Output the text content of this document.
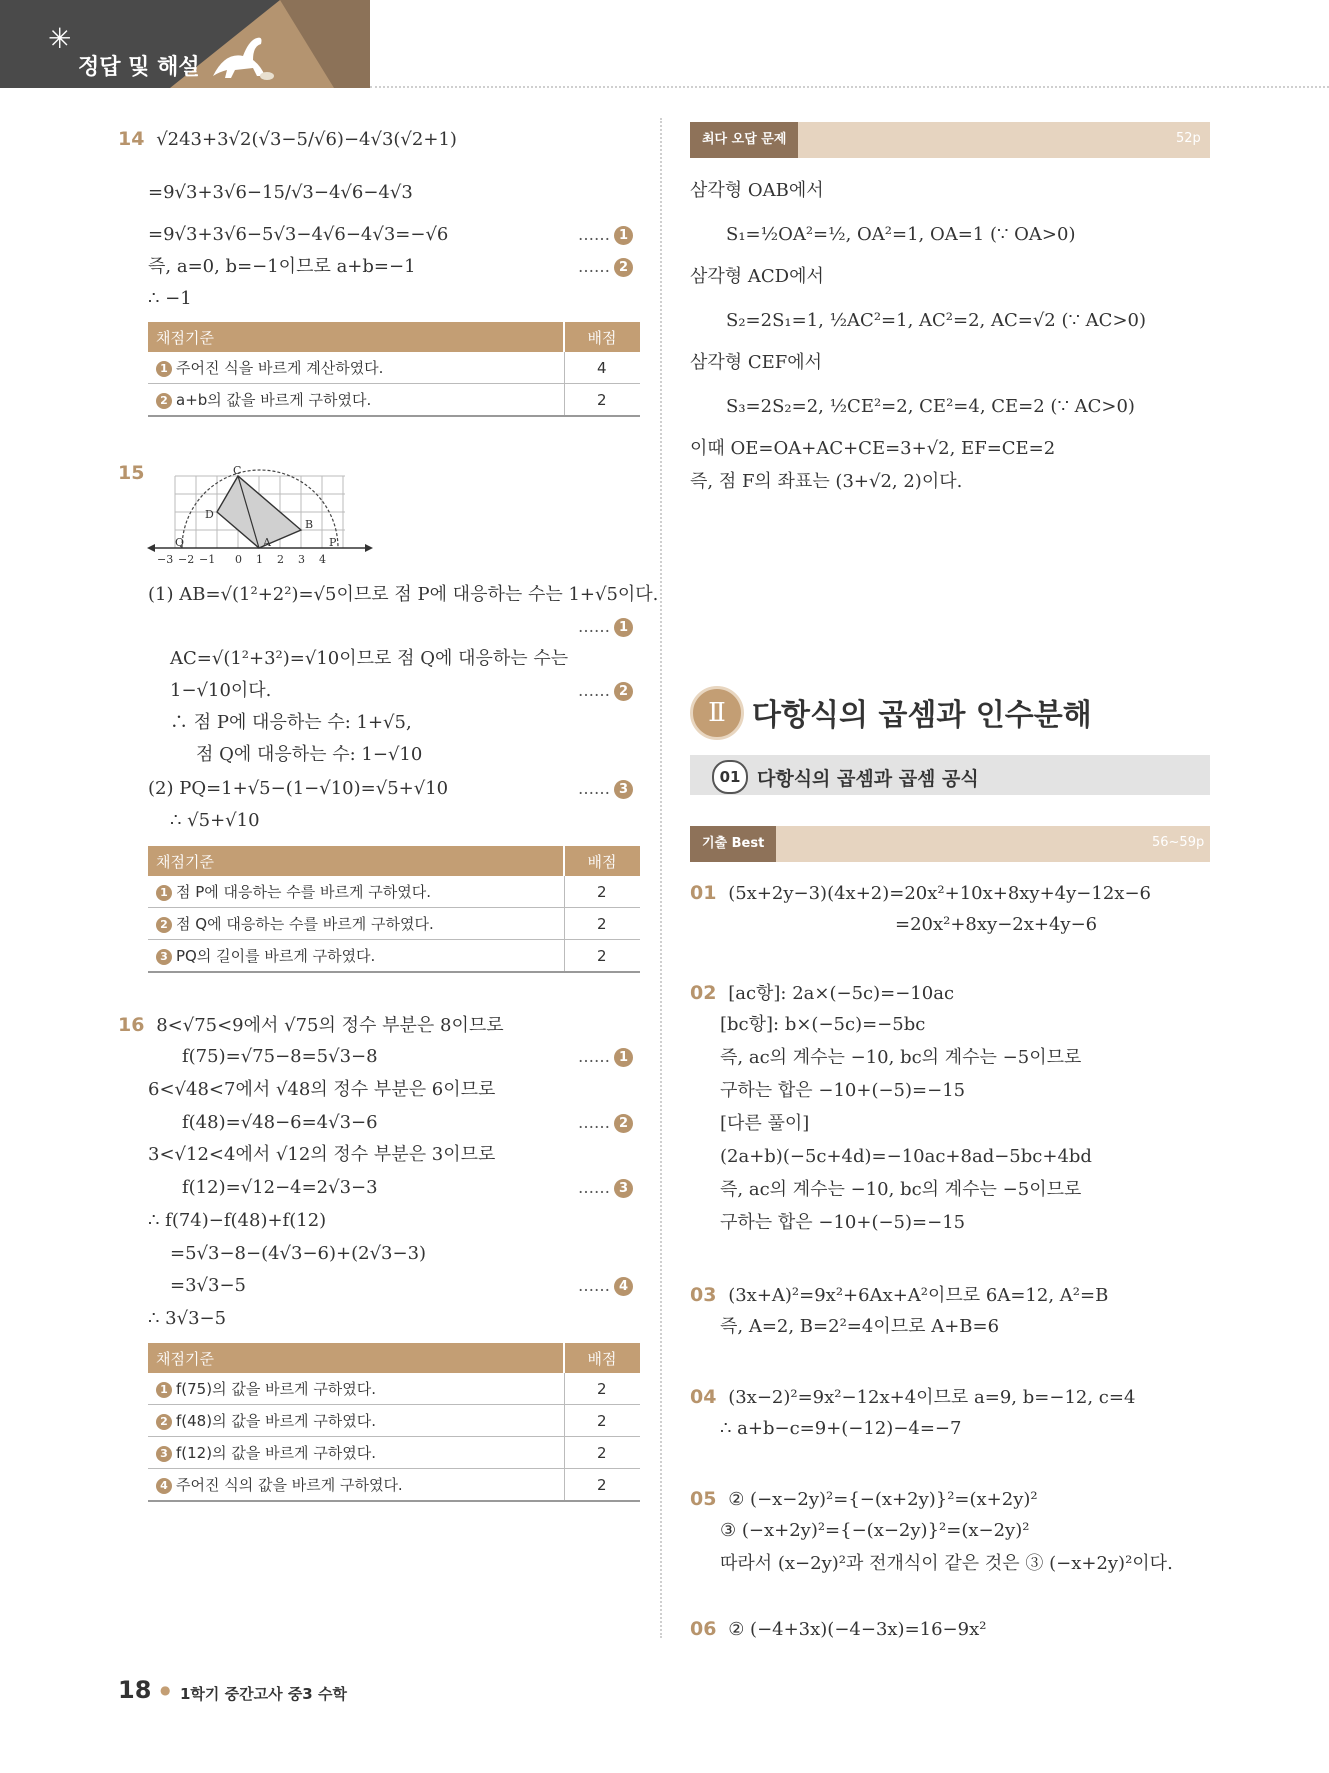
✳
정답 및 해설
14 √243+3√2(√3−5/√6)−4√3(√2+1)
=9√3+3√6−15/√3−4√6−4√3
=9√3+3√6−5√3−4√6−4√3=−√6	…… 1
즉, a=0, b=−1이므로 a+b=−1	…… 2
∴ −1
채점기준	배점
1 주어진 식을 바르게 계산하였다.	4
2 a+b의 값을 바르게 구하였다.	2
15	C
B
D
Q	A	P
−3 −2 −1 0 1 2 3 4
(1) AB=√(1²+2²)=√5이므로 점 P에 대응하는 수는 1+√5이다.
…… 1
AC=√(1²+3²)=√10이므로 점 Q에 대응하는 수는
1−√10이다.	…… 2
∴ 점 P에 대응하는 수: 1+√5,
점 Q에 대응하는 수: 1−√10
(2) PQ=1+√5−(1−√10)=√5+√10	…… 3
∴ √5+√10
채점기준	배점
1 점 P에 대응하는 수를 바르게 구하였다.	2
2 점 Q에 대응하는 수를 바르게 구하였다.	2
3 PQ의 길이를 바르게 구하였다.	2
16 8<√75<9에서 √75의 정수 부분은 8이므로
f(75)=√75−8=5√3−8	…… 1
6<√48<7에서 √48의 정수 부분은 6이므로
f(48)=√48−6=4√3−6	…… 2
3<√12<4에서 √12의 정수 부분은 3이므로
f(12)=√12−4=2√3−3	…… 3
∴ f(74)−f(48)+f(12)
=5√3−8−(4√3−6)+(2√3−3)
=3√3−5	…… 4
∴ 3√3−5
채점기준	배점
1 f(75)의 값을 바르게 구하였다.	2
2 f(48)의 값을 바르게 구하였다.	2
3 f(12)의 값을 바르게 구하였다.	2
4 주어진 식의 값을 바르게 구하였다.	2
최다 오답 문제	52p
삼각형 OAB에서
S₁=½OA²=½, OA²=1, OA=1 (∵ OA>0)
삼각형 ACD에서
S₂=2S₁=1, ½AC²=1, AC²=2, AC=√2 (∵ AC>0)
삼각형 CEF에서
S₃=2S₂=2, ½CE²=2, CE²=4, CE=2 (∵ AC>0)
이때 OE=OA+AC+CE=3+√2, EF=CE=2
즉, 점 F의 좌표는 (3+√2, 2)이다.
Ⅱ 다항식의 곱셈과 인수분해
01 다항식의 곱셈과 곱셈 공식
기출 Best	56~59p
01 (5x+2y−3)(4x+2)=20x²+10x+8xy+4y−12x−6
=20x²+8xy−2x+4y−6
02 [ac항]: 2a×(−5c)=−10ac
[bc항]: b×(−5c)=−5bc
즉, ac의 계수는 −10, bc의 계수는 −5이므로
구하는 합은 −10+(−5)=−15
[다른 풀이]
(2a+b)(−5c+4d)=−10ac+8ad−5bc+4bd
즉, ac의 계수는 −10, bc의 계수는 −5이므로
구하는 합은 −10+(−5)=−15
03 (3x+A)²=9x²+6Ax+A²이므로 6A=12, A²=B
즉, A=2, B=2²=4이므로 A+B=6
04 (3x−2)²=9x²−12x+4이므로 a=9, b=−12, c=4
∴ a+b−c=9+(−12)−4=−7
05 ② (−x−2y)²={−(x+2y)}²=(x+2y)²
③ (−x+2y)²={−(x−2y)}²=(x−2y)²
따라서 (x−2y)²과 전개식이 같은 것은 ③ (−x+2y)²이다.
06 ② (−4+3x)(−4−3x)=16−9x²
18 ● 1학기 중간고사 중3 수학
